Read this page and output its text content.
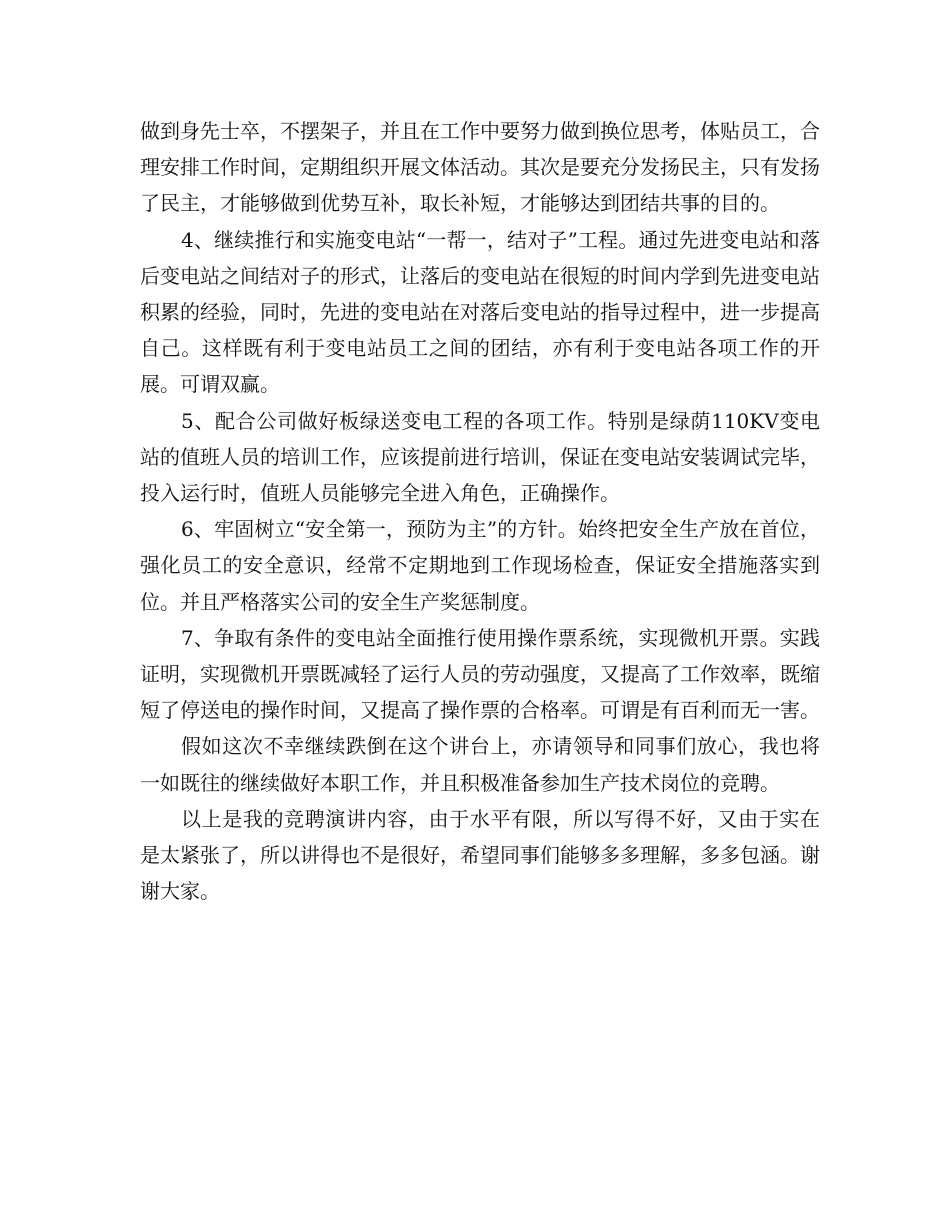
做到身先士卒，不摆架子，并且在工作中要努力做到换位思考，体贴员工，合理安排工作时间，定期组织开展文体活动。其次是要充分发扬民主，只有发扬了民主，才能够做到优势互补，取长补短，才能够达到团结共事的目的。

4、继续推行和实施变电站“一帮一，结对子”工程。通过先进变电站和落后变电站之间结对子的形式，让落后的变电站在很短的时间内学到先进变电站积累的经验，同时，先进的变电站在对落后变电站的指导过程中，进一步提高自己。这样既有利于变电站员工之间的团结，亦有利于变电站各项工作的开展。可谓双赢。

5、配合公司做好板绿送变电工程的各项工作。特别是绿荫110KV变电站的值班人员的培训工作，应该提前进行培训，保证在变电站安装调试完毕，投入运行时，值班人员能够完全进入角色，正确操作。

6、牢固树立“安全第一，预防为主”的方针。始终把安全生产放在首位，强化员工的安全意识，经常不定期地到工作现场检查，保证安全措施落实到位。并且严格落实公司的安全生产奖惩制度。

7、争取有条件的变电站全面推行使用操作票系统，实现微机开票。实践证明，实现微机开票既减轻了运行人员的劳动强度，又提高了工作效率，既缩短了停送电的操作时间，又提高了操作票的合格率。可谓是有百利而无一害。

假如这次不幸继续跌倒在这个讲台上，亦请领导和同事们放心，我也将一如既往的继续做好本职工作，并且积极准备参加生产技术岗位的竞聘。

以上是我的竞聘演讲内容，由于水平有限，所以写得不好，又由于实在是太紧张了，所以讲得也不是很好，希望同事们能够多多理解，多多包涵。谢谢大家。
